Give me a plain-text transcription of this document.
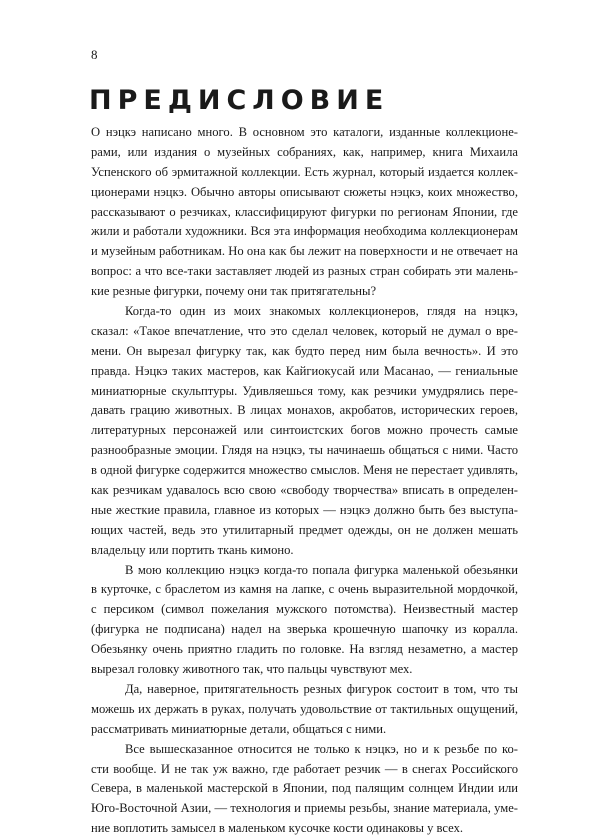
8
ПРЕДИСЛОВИЕ
О нэцкэ написано много. В основном это каталоги, изданные коллекционе-
рами, или издания о музейных собраниях, как, например, книга Михаила
Успенского об эрмитажной коллекции. Есть журнал, который издается коллек-
ционерами нэцкэ. Обычно авторы описывают сюжеты нэцкэ, коих множество,
рассказывают о резчиках, классифицируют фигурки по регионам Японии, где
жили и работали художники. Вся эта информация необходима коллекционерам
и музейным работникам. Но она как бы лежит на поверхности и не отвечает на
вопрос: а что все-таки заставляет людей из разных стран собирать эти малень-
кие резные фигурки, почему они так притягательны?
Когда-то один из моих знакомых коллекционеров, глядя на нэцкэ,
сказал: «Такое впечатление, что это сделал человек, который не думал о вре-
мени. Он вырезал фигурку так, как будто перед ним была вечность». И это
правда. Нэцкэ таких мастеров, как Кайгиокусай или Масанао, — гениальные
миниатюрные скульптуры. Удивляешься тому, как резчики умудрялись пере-
давать грацию животных. В лицах монахов, акробатов, исторических героев,
литературных персонажей или синтоистских богов можно прочесть самые
разнообразные эмоции. Глядя на нэцкэ, ты начинаешь общаться с ними. Часто
в одной фигурке содержится множество смыслов. Меня не перестает удивлять,
как резчикам удавалось всю свою «свободу творчества» вписать в определен-
ные жесткие правила, главное из которых — нэцкэ должно быть без выступа-
ющих частей, ведь это утилитарный предмет одежды, он не должен мешать
владельцу или портить ткань кимоно.
В мою коллекцию нэцкэ когда-то попала фигурка маленькой обезьянки
в курточке, с браслетом из камня на лапке, с очень выразительной мордочкой,
с персиком (символ пожелания мужского потомства). Неизвестный мастер
(фигурка не подписана) надел на зверька крошечную шапочку из коралла.
Обезьянку очень приятно гладить по головке. На взгляд незаметно, а мастер
вырезал головку животного так, что пальцы чувствуют мех.
Да, наверное, притягательность резных фигурок состоит в том, что ты
можешь их держать в руках, получать удовольствие от тактильных ощущений,
рассматривать миниатюрные детали, общаться с ними.
Все вышесказанное относится не только к нэцкэ, но и к резьбе по ко-
сти вообще. И не так уж важно, где работает резчик — в снегах Российского
Севера, в маленькой мастерской в Японии, под палящим солнцем Индии или
Юго-Восточной Азии, — технология и приемы резьбы, знание материала, уме-
ние воплотить замысел в маленьком кусочке кости одинаковы у всех.
